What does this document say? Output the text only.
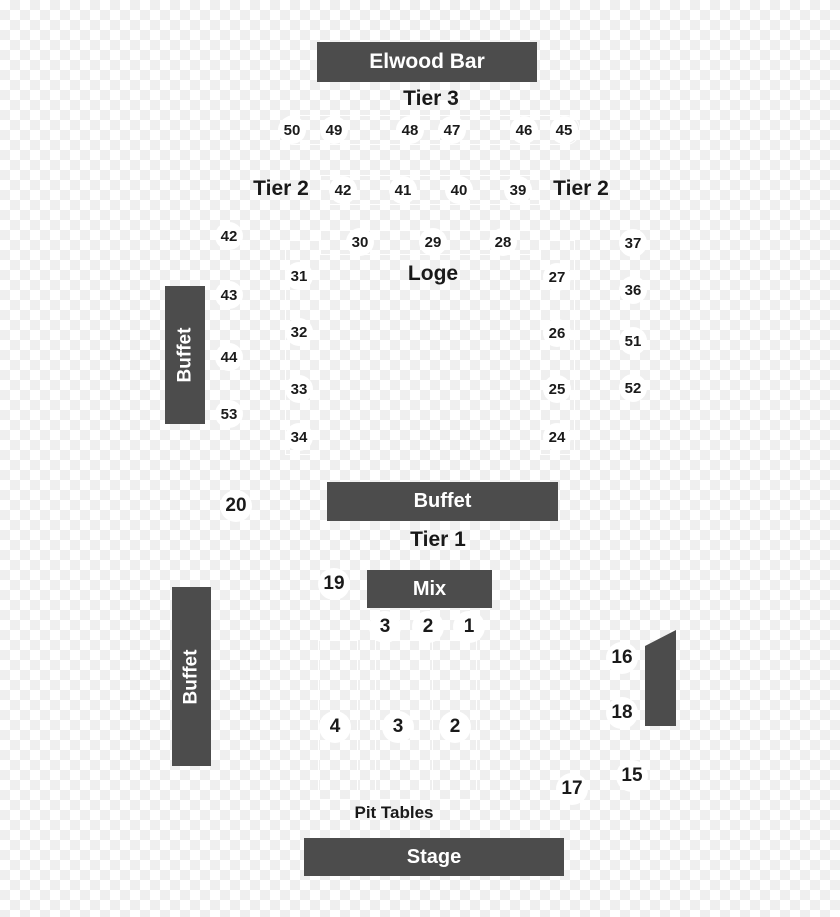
Elwood Bar
Buffet
Buffet
Mix
Buffet
Stage
Tier 3
Tier 2	Tier 2
Loge
Tier 1
Pit Tables
50	49	48	47	46	45
42	41	40	39
42
43
44
53
30	29	28
31
32
33
34
27
26
25
24
37
36
51
52
20
19
3	2	1
16
18
4	3	2
17
15
